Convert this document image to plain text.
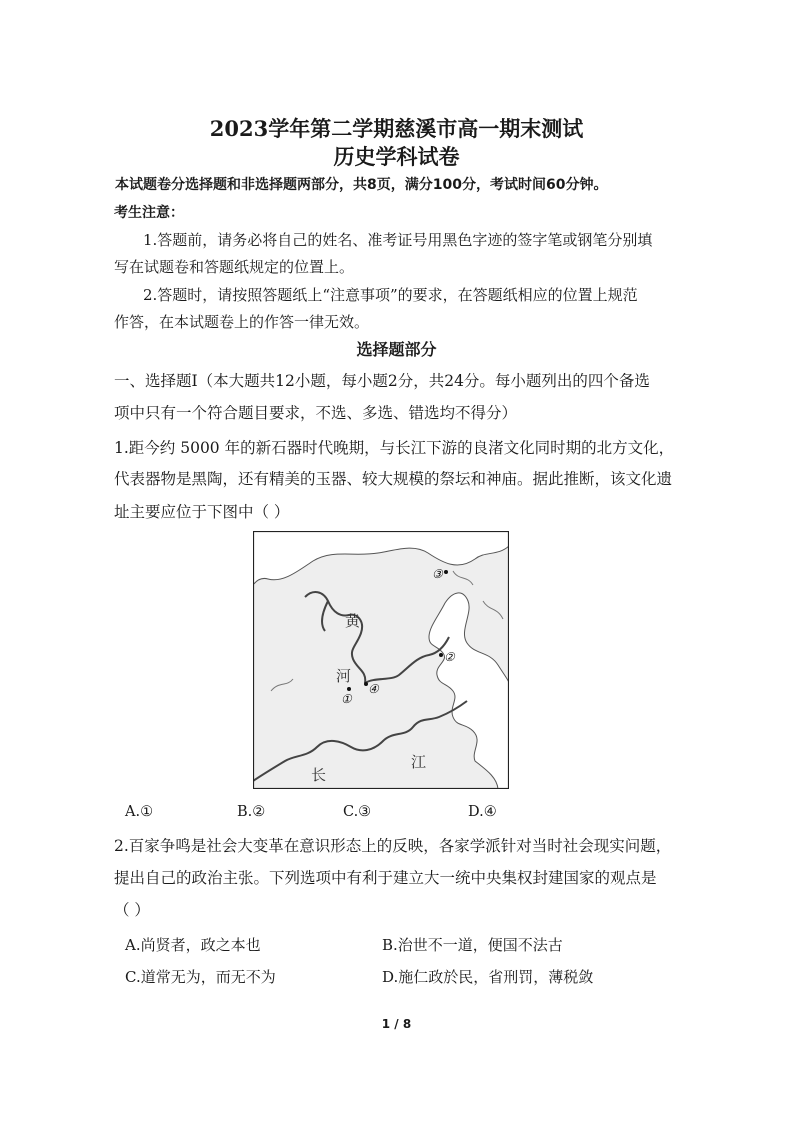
2023学年第二学期慈溪市高一期末测试
历史学科试卷
本试题卷分选择题和非选择题两部分，共8页，满分100分，考试时间60分钟。
考生注意：
1.答题前，请务必将自己的姓名、准考证号用黑色字迹的签字笔或钢笔分别填
写在试题卷和答题纸规定的位置上。
2.答题时，请按照答题纸上“注意事项”的要求，在答题纸相应的位置上规范
作答，在本试题卷上的作答一律无效。
选择题部分
一、选择题Ⅰ（本大题共12小题，每小题2分，共24分。每小题列出的四个备选
项中只有一个符合题目要求，不选、多选、错选均不得分）
1.距今约 5000 年的新石器时代晚期，与长江下游的良渚文化同时期的北方文化，
代表器物是黑陶，还有精美的玉器、较大规模的祭坛和神庙。据此推断，该文化遗
址主要应位于下图中（ ）
①
②
③
④
黄
河
长
江
A.①	B.②	C.③	D.④
2.百家争鸣是社会大变革在意识形态上的反映，各家学派针对当时社会现实问题，
提出自己的政治主张。下列选项中有利于建立大一统中央集权封建国家的观点是
（ ）
A.尚贤者，政之本也	B.治世不一道，便国不法古
C.道常无为，而无不为	D.施仁政於民，省刑罚，薄税敛
1 / 8
